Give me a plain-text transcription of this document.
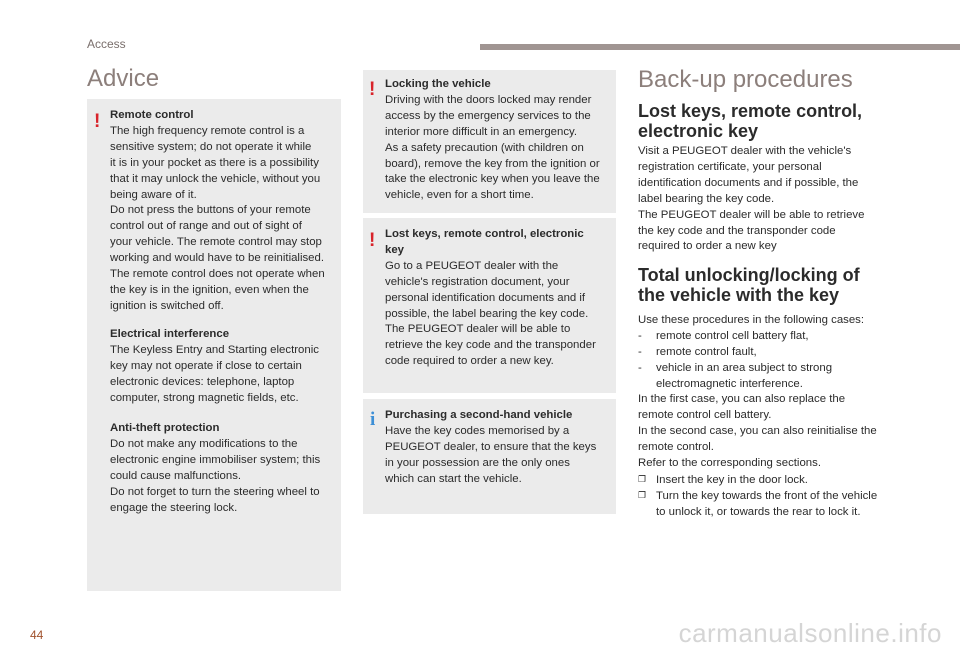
Access
Advice
! Remote control
The high frequency remote control is a
sensitive system; do not operate it while
it is in your pocket as there is a possibility
that it may unlock the vehicle, without you
being aware of it.
Do not press the buttons of your remote
control out of range and out of sight of
your vehicle. The remote control may stop
working and would have to be reinitialised.
The remote control does not operate when
the key is in the ignition, even when the
ignition is switched off.
Electrical interference
The Keyless Entry and Starting electronic
key may not operate if close to certain
electronic devices: telephone, laptop
computer, strong magnetic fields, etc.
Anti-theft protection
Do not make any modifications to the
electronic engine immobiliser system; this
could cause malfunctions.
Do not forget to turn the steering wheel to
engage the steering lock.
! Locking the vehicle
Driving with the doors locked may render
access by the emergency services to the
interior more difficult in an emergency.
As a safety precaution (with children on
board), remove the key from the ignition or
take the electronic key when you leave the
vehicle, even for a short time.
! Lost keys, remote control, electronic
key
Go to a PEUGEOT dealer with the
vehicle's registration document, your
personal identification documents and if
possible, the label bearing the key code.
The PEUGEOT dealer will be able to
retrieve the key code and the transponder
code required to order a new key.
i Purchasing a second-hand vehicle
Have the key codes memorised by a
PEUGEOT dealer, to ensure that the keys
in your possession are the only ones
which can start the vehicle.
Back-up procedures
Lost keys, remote control,
electronic key

Visit a PEUGEOT dealer with the vehicle's
registration certificate, your personal
identification documents and if possible, the
label bearing the key code.
The PEUGEOT dealer will be able to retrieve
the key code and the transponder code
required to order a new key

Total unlocking/locking of
the vehicle with the key

Use these procedures in the following cases:

- remote control cell battery flat,
- remote control fault,
- vehicle in an area subject to strong
electromagnetic interference.

In the first case, you can also replace the
remote control cell battery.
In the second case, you can also reinitialise the
remote control.
Refer to the corresponding sections.

❐ Insert the key in the door lock.
❐ Turn the key towards the front of the vehicle
to unlock it, or towards the rear to lock it.
44	carmanualsonline.info
